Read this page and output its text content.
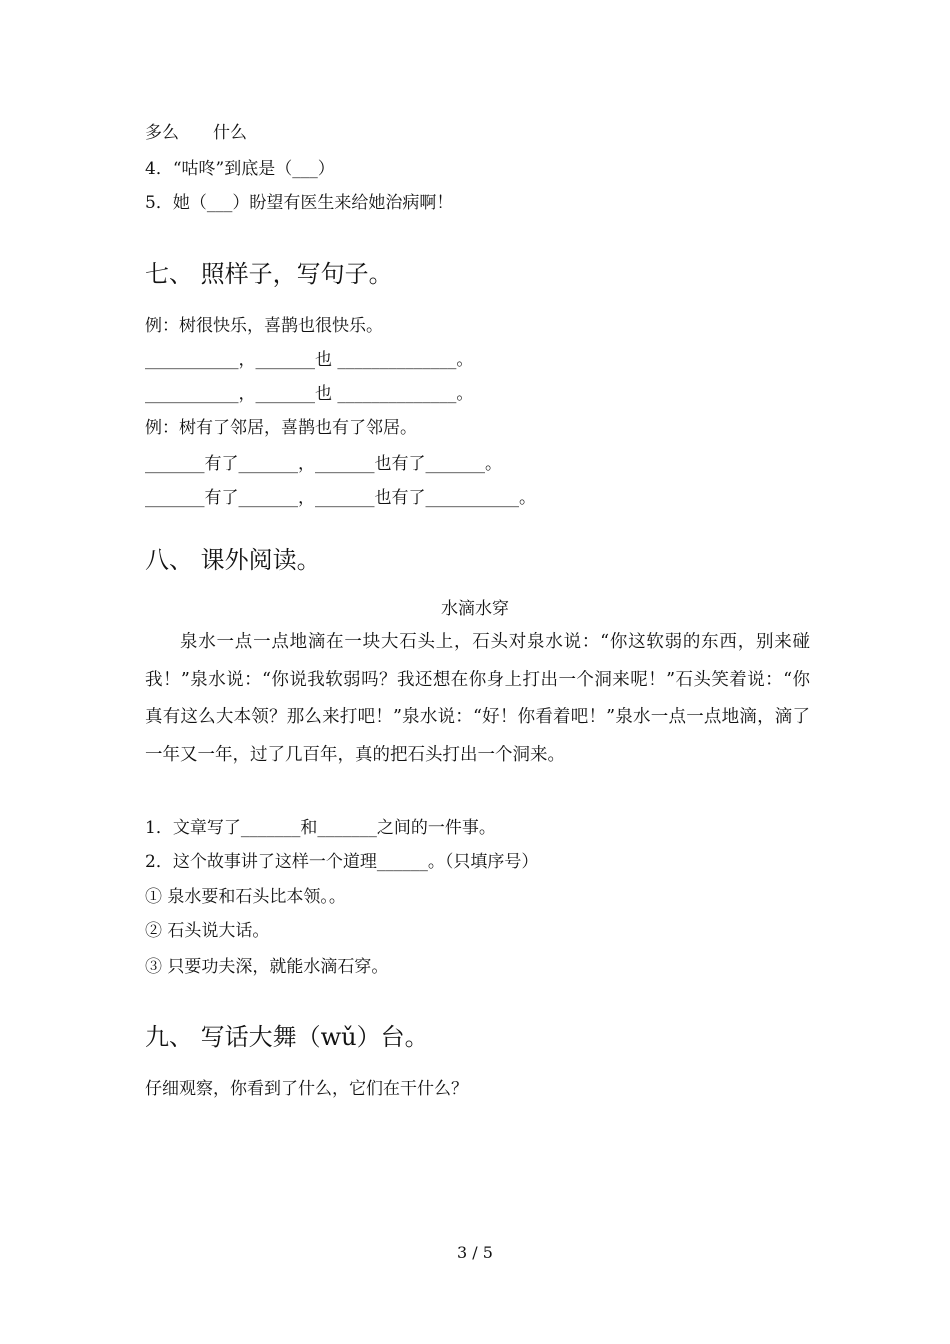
多么　　什么
4．“咕咚”到底是（___）
5．她（___）盼望有医生来给她治病啊！
七、 照样子，写句子。
例：树很快乐，喜鹊也很快乐。
___________，_______也 ______________。
___________，_______也 ______________。
例：树有了邻居，喜鹊也有了邻居。
_______有了_______，_______也有了_______。
_______有了_______，_______也有了___________。
八、 课外阅读。
水滴水穿
泉水一点一点地滴在一块大石头上，石头对泉水说：“你这软弱的东西，别来碰我！”泉水说：“你说我软弱吗？我还想在你身上打出一个洞来呢！”石头笑着说：“你真有这么大本领？那么来打吧！”泉水说：“好！你看着吧！”泉水一点一点地滴，滴了一年又一年，过了几百年，真的把石头打出一个洞来。
1．文章写了_______和_______之间的一件事。
2．这个故事讲了这样一个道理______。（只填序号）
① 泉水要和石头比本领。。
② 石头说大话。
③ 只要功夫深，就能水滴石穿。
九、 写话大舞（wǔ）台。
仔细观察，你看到了什么，它们在干什么？
3 / 5
